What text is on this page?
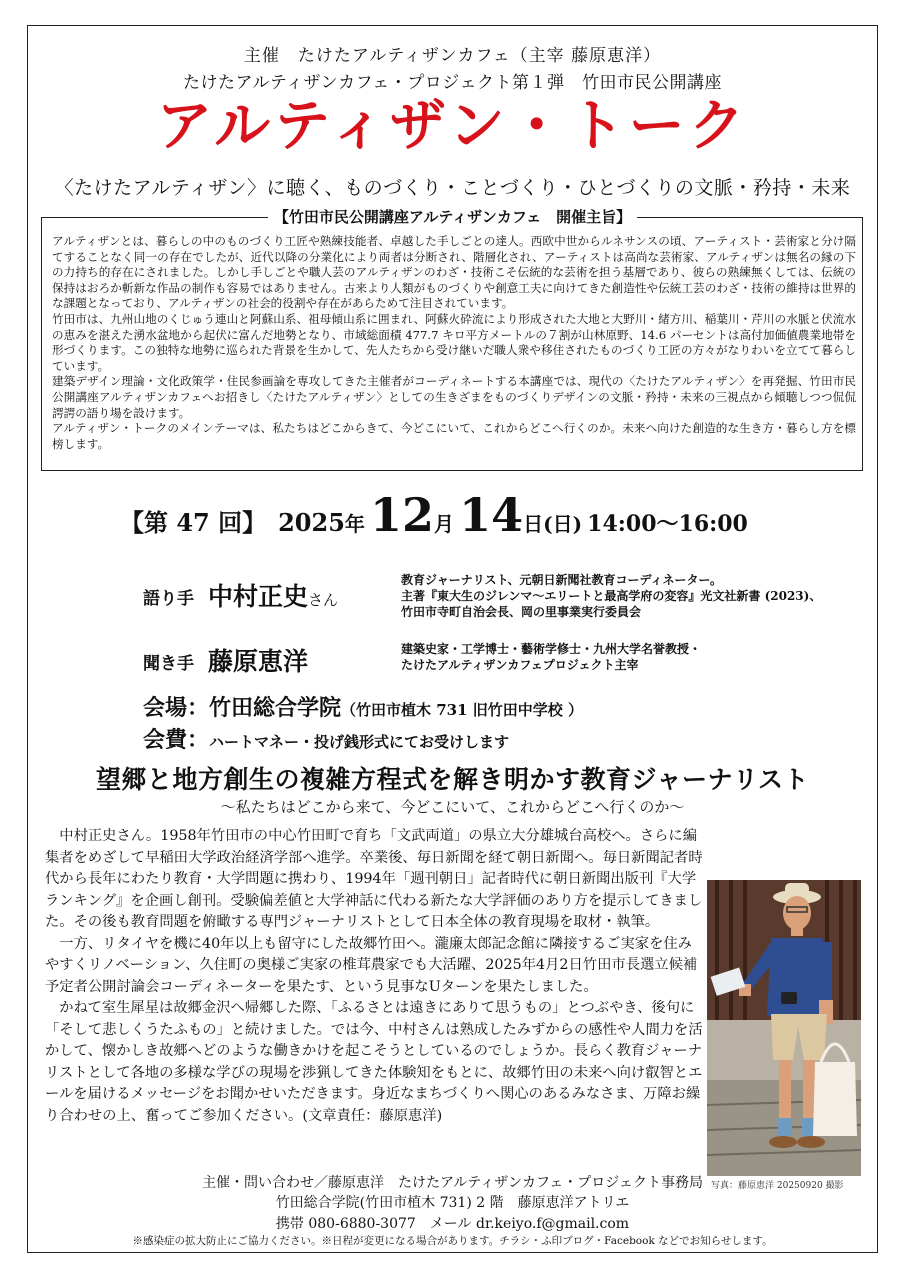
主催　たけたアルティザンカフェ（主宰 藤原恵洋）
たけたアルティザンカフェ・プロジェクト第１弾　竹田市民公開講座
アルティザン・トーク
〈たけたアルティザン〉に聴く、ものづくり・ことづくり・ひとづくりの文脈・矜持・未来
【竹田市民公開講座アルティザンカフェ　開催主旨】

アルティザンとは、暮らしの中のものづくり工匠や熟練技能者、卓越した手しごとの達人。西欧中世からルネサンスの頃、アーティスト・芸術家と分け隔てすることなく同一の存在でしたが、近代以降の分業化により両者は分断され、階層化され、アーティストは高尚な芸術家、アルティザンは無名の縁の下の力持ち的存在にされました。しかし手しごとや職人芸のアルティザンのわざ・技術こそ伝統的な芸術を担う基層であり、彼らの熟練無くしては、伝統の保持はおろか斬新な作品の制作も容易ではありません。古来より人類がものづくりや創意工夫に向けてきた創造性や伝統工芸のわざ・技術の維持は世界的な課題となっており、アルティザンの社会的役割や存在があらためて注目されています。

竹田市は、九州山地のくじゅう連山と阿蘇山系、祖母傾山系に囲まれ、阿蘇火砕流により形成された大地と大野川・緒方川、稲葉川・芹川の水脈と伏流水の恵みを湛えた湧水盆地から起伏に富んだ地勢となり、市域総面積 477.7 キロ平方メートルの７割が山林原野、14.6 パーセントは高付加価値農業地帯を形づくります。この独特な地勢に巡られた背景を生かして、先人たちから受け継いだ職人衆や移住されたものづくり工匠の方々がなりわいを立てて暮らしています。

建築デザイン理論・文化政策学・住民参画論を専攻してきた主催者がコーディネートする本講座では、現代の〈たけたアルティザン〉を再発掘、竹田市民公開講座アルティザンカフェへお招きし〈たけたアルティザン〉としての生きざまをものづくりデザインの文脈・矜持・未来の三視点から傾聴しつつ侃侃諤諤の語り場を設けます。

アルティザン・トークのメインテーマは、私たちはどこからきて、今どこにいて、これからどこへ行くのか。未来へ向けた創造的な生き方・暮らし方を標榜します。

【第 47 回】 2025年 12月 14日(日) 14:00〜16:00
語り手 中村正史さん
教育ジャーナリスト、元朝日新聞社教育コーディネーター。
主著『東大生のジレンマ〜エリートと最高学府の変容』光文社新書 (2023)、
竹田市寺町自治会長、岡の里事業実行委員会
聞き手 藤原恵洋	建築史家・工学博士・藝術学修士・九州大学名誉教授・
たけたアルティザンカフェプロジェクト主宰
会場：竹田総合学院（竹田市植木 731 旧竹田中学校 ）
会費：ハートマネー・投げ銭形式にてお受けします
望郷と地方創生の複雑方程式を解き明かす教育ジャーナリスト
〜私たちはどこから来て、今どこにいて、これからどこへ行くのか〜

中村正史さん。1958年竹田市の中心竹田町で育ち「文武両道」の県立大分雄城台高校へ。さらに編集者をめざして早稲田大学政治経済学部へ進学。卒業後、毎日新聞を経て朝日新聞へ。毎日新聞記者時代から長年にわたり教育・大学問題に携わり、1994年「週刊朝日」記者時代に朝日新聞出版刊『大学ランキング』を企画し創刊。受験偏差値と大学神話に代わる新たな大学評価のあり方を提示してきました。その後も教育問題を俯瞰する専門ジャーナリストとして日本全体の教育現場を取材・執筆。

一方、リタイヤを機に40年以上も留守にした故郷竹田へ。瀧廉太郎記念館に隣接するご実家を住みやすくリノベーション、久住町の奥様ご実家の椎茸農家でも大活躍、2025年4月2日竹田市長選立候補予定者公開討論会コーディネーターを果たす、という見事なUターンを果たしました。

かねて室生犀星は故郷金沢へ帰郷した際、「ふるさとは遠きにありて思うもの」とつぶやき、後句に「そして悲しくうたふもの」と続けました。では今、中村さんは熟成したみずからの感性や人間力を活かして、懐かしき故郷へどのような働きかけを起こそうとしているのでしょうか。長らく教育ジャーナリストとして各地の多様な学びの現場を渉猟してきた体験知をもとに、故郷竹田の未来へ向け叡智とエールを届けるメッセージをお聞かせいただきます。身近なまちづくりへ関心のあるみなさま、万障お繰り合わせの上、奮ってご参加ください。(文章責任：藤原恵洋)

写真：藤原恵洋 20250920 撮影
主催・問い合わせ／藤原恵洋　たけたアルティザンカフェ・プロジェクト事務局
竹田総合学院(竹田市植木 731) 2 階　藤原恵洋アトリエ
携帯 080-6880-3077　メール dr.keiyo.f@gmail.com
※感染症の拡大防止にご協力ください。※日程が変更になる場合があります。チラシ・ふ印ブログ・Facebook などでお知らせします。
